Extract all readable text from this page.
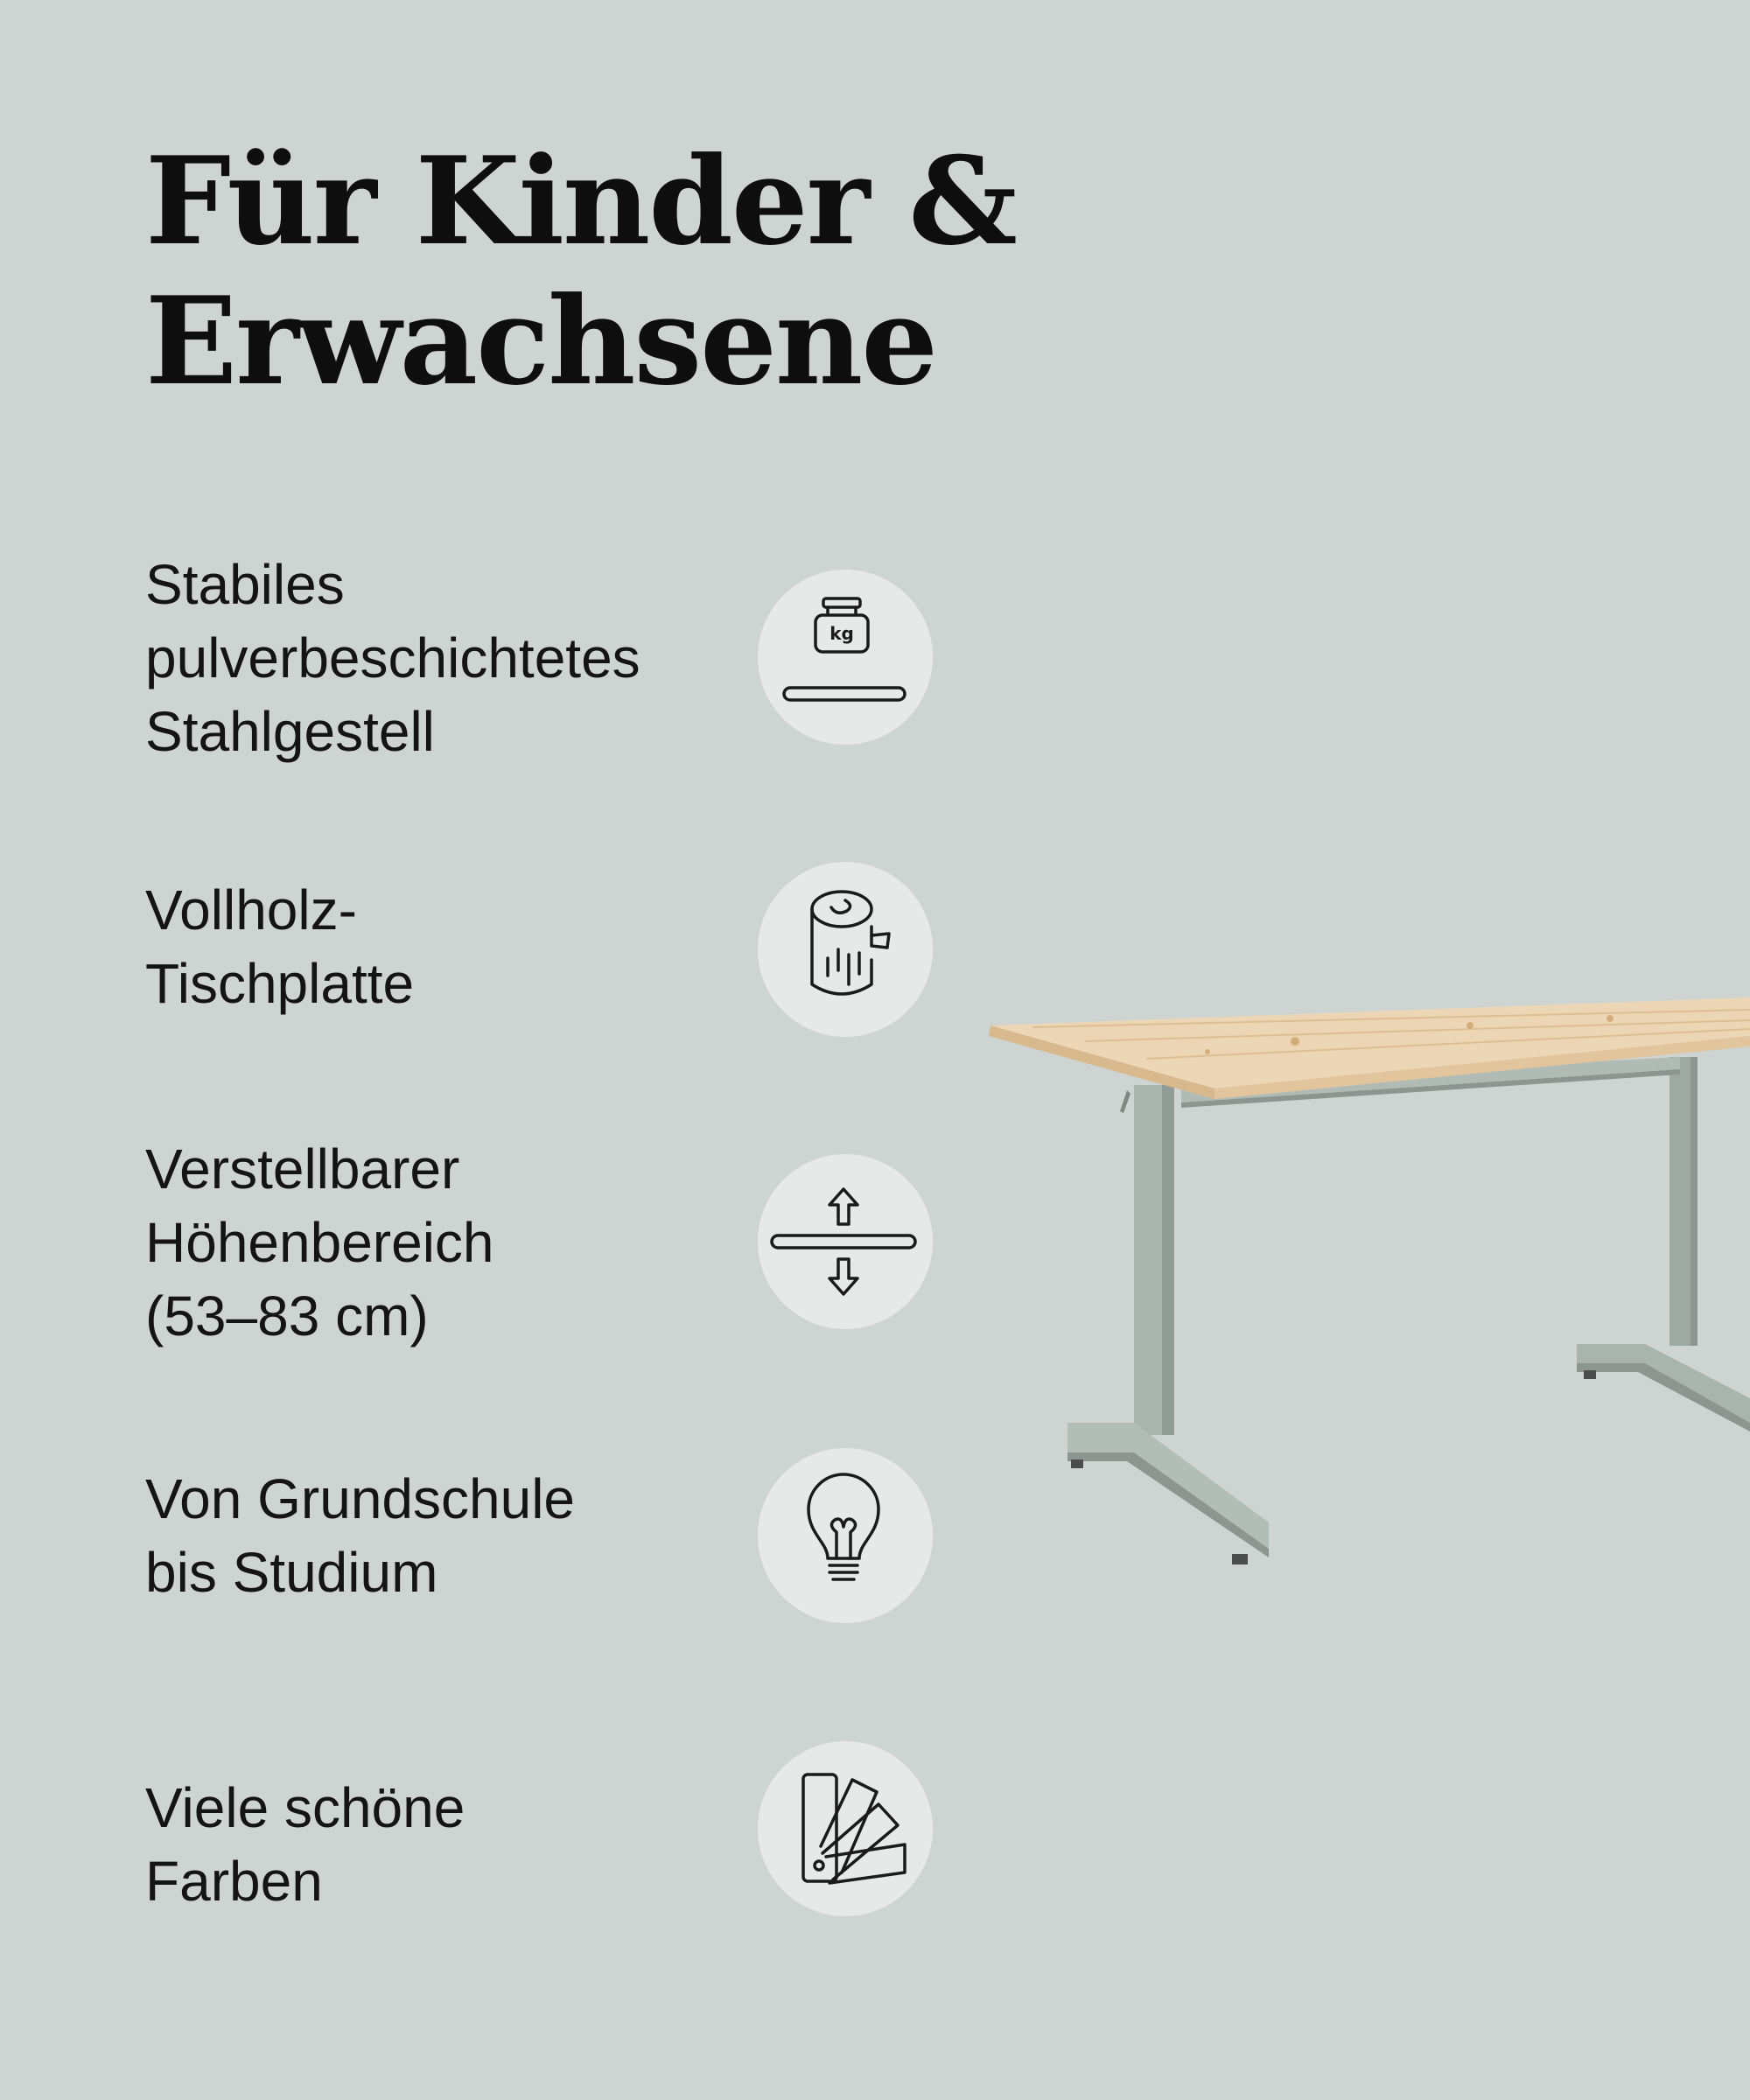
Für Kinder &
Erwachsene

Stabiles
pulverbeschichtetes
Stahlgestell

kg

Vollholz-
Tischplatte

Verstellbarer
Höhenbereich
(53–83 cm)

Von Grundschule
bis Studium

Viele schöne
Farben
